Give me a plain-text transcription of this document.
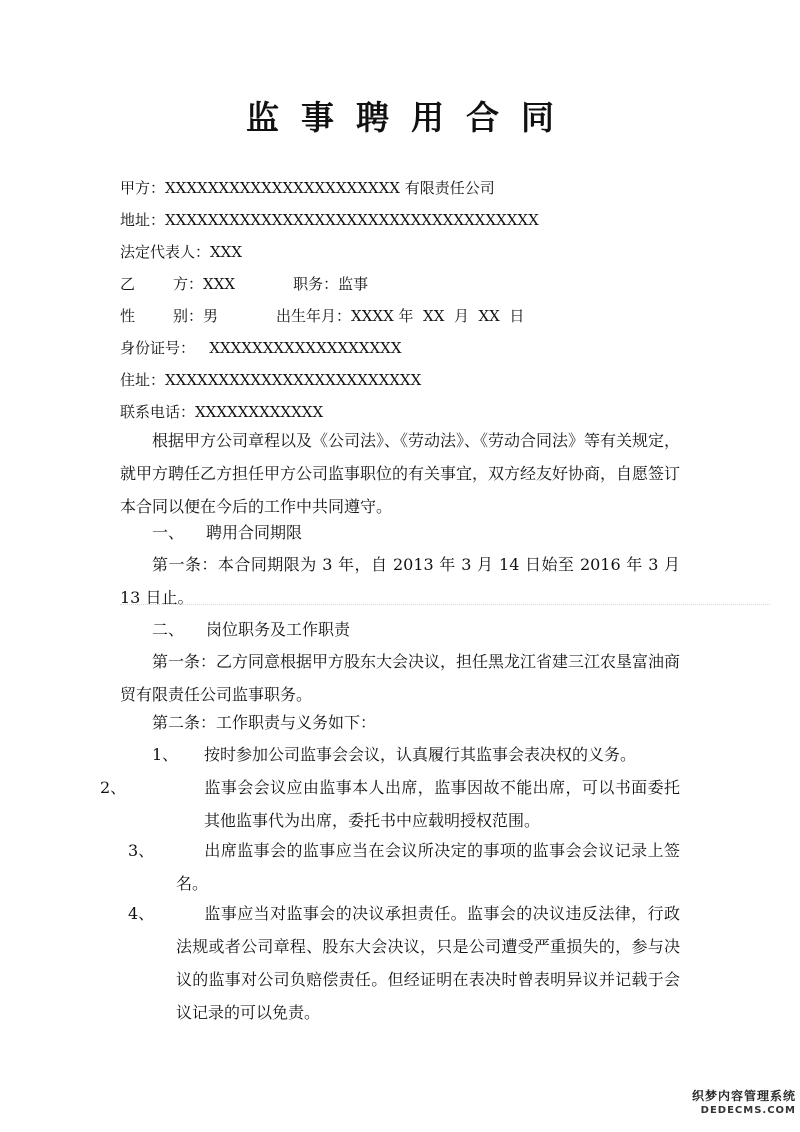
监事聘用合同
甲方：XXXXXXXXXXXXXXXXXXXXXX 有限责任公司
地址：XXXXXXXXXXXXXXXXXXXXXXXXXXXXXXXXXXX
法定代表人：XXX
乙	方：XXX	职务：监事
性	别：男	出生年月：XXXX 年  XX  月  XX  日
身份证号：   XXXXXXXXXXXXXXXXXX
住址：XXXXXXXXXXXXXXXXXXXXXXXX
联系电话：XXXXXXXXXXXX
根据甲方公司章程以及《公司法》、《劳动法》、《劳动合同法》等有关规定，就甲方聘任乙方担任甲方公司监事职位的有关事宜，双方经友好协商，自愿签订本合同以便在今后的工作中共同遵守。
一、 聘用合同期限
第一条：本合同期限为 3 年，自 2013 年 3 月 14 日始至 2016 年 3 月 13 日止。
二、 岗位职务及工作职责
第一条：乙方同意根据甲方股东大会决议，担任黑龙江省建三江农垦富油商贸有限责任公司监事职务。
第二条：工作职责与义务如下：
1、 按时参加公司监事会会议，认真履行其监事会表决权的义务。
2、	监事会会议应由监事本人出席，监事因故不能出席，可以书面委托其他监事代为出席，委托书中应载明授权范围。
3、	出席监事会的监事应当在会议所决定的事项的监事会会议记录上签名。
4、	监事应当对监事会的决议承担责任。监事会的决议违反法律，行政法规或者公司章程、股东大会决议，只是公司遭受严重损失的，参与决议的监事对公司负赔偿责任。但经证明在表决时曾表明异议并记载于会议记录的可以免责。
织梦内容管理系统
DEDECMS.COM
